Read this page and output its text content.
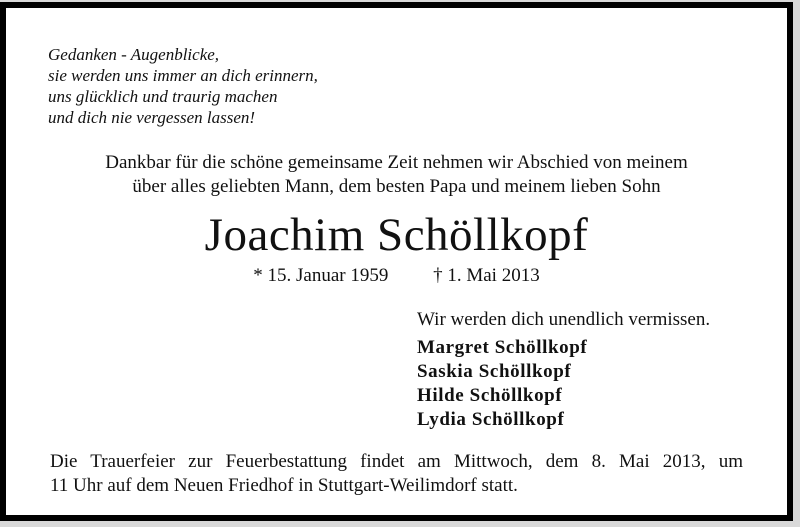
Gedanken - Augenblicke,
sie werden uns immer an dich erinnern,
uns glücklich und traurig machen
und dich nie vergessen lassen!
Dankbar für die schöne gemeinsame Zeit nehmen wir Abschied von meinem
über alles geliebten Mann, dem besten Papa und meinem lieben Sohn
Joachim Schöllkopf
* 15. Januar 1959 † 1. Mai 2013
Wir werden dich unendlich vermissen.
Margret Schöllkopf
Saskia Schöllkopf
Hilde Schöllkopf
Lydia Schöllkopf
Die Trauerfeier zur Feuerbestattung findet am Mittwoch, dem 8. Mai 2013, um
11 Uhr auf dem Neuen Friedhof in Stuttgart-Weilimdorf statt.
